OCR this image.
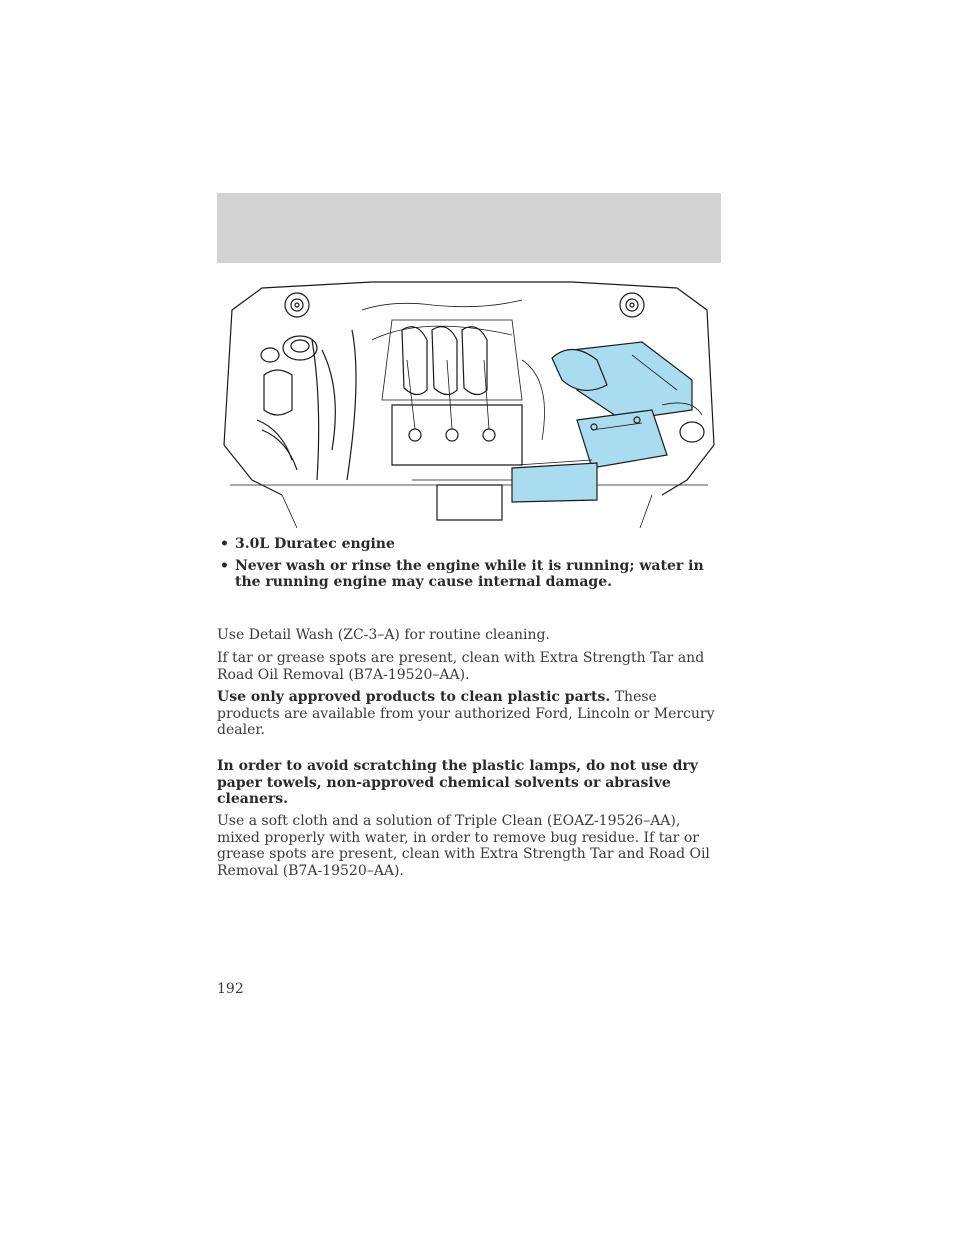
• 3.0L Duratec engine
• Never wash or rinse the engine while it is running; water in the running engine may cause internal damage.

Use Detail Wash (ZC-3–A) for routine cleaning.

If tar or grease spots are present, clean with Extra Strength Tar and Road Oil Removal (B7A-19520–AA).

Use only approved products to clean plastic parts. These products are available from your authorized Ford, Lincoln or Mercury dealer.

In order to avoid scratching the plastic lamps, do not use dry paper towels, non-approved chemical solvents or abrasive cleaners.

Use a soft cloth and a solution of Triple Clean (EOAZ-19526–AA), mixed properly with water, in order to remove bug residue. If tar or grease spots are present, clean with Extra Strength Tar and Road Oil Removal (B7A-19520–AA).

192
